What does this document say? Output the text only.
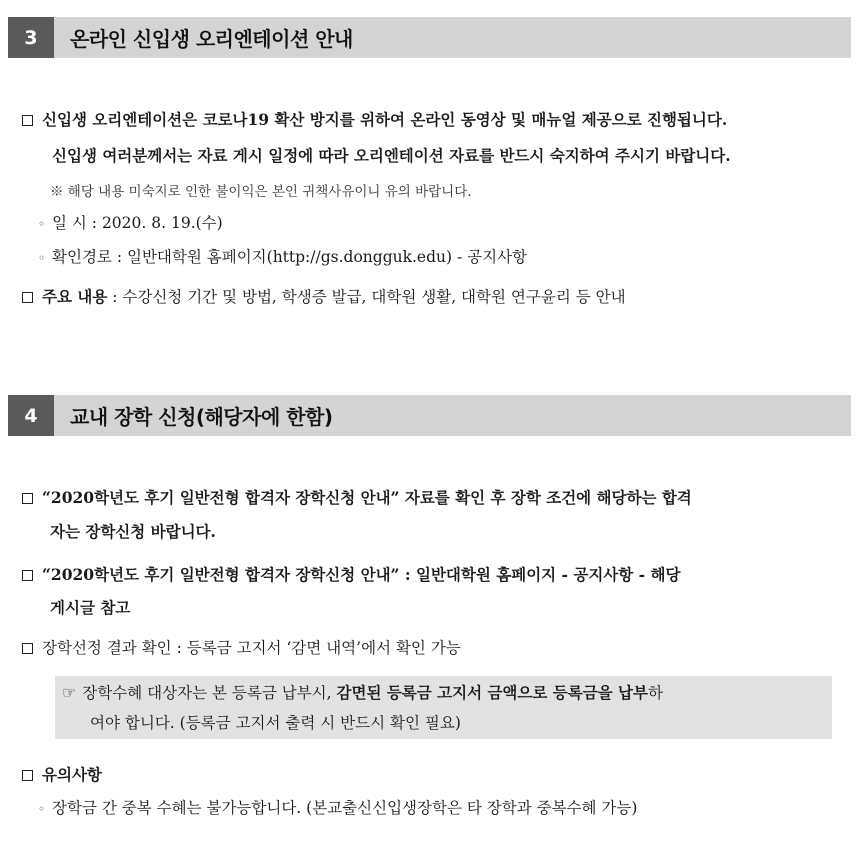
3	온라인 신입생 오리엔테이션 안내
신입생 오리엔테이션은 코로나19 확산 방지를 위하여 온라인 동영상 및 매뉴얼 제공으로 진행됩니다.
신입생 여러분께서는 자료 게시 일정에 따라 오리엔테이션 자료를 반드시 숙지하여 주시기 바랍니다.
※ 해당 내용 미숙지로 인한 불이익은 본인 귀책사유이니 유의 바랍니다.
◦ 일 시 : 2020. 8. 19.(수)
◦ 확인경로 : 일반대학원 홈페이지(http://gs.dongguk.edu) - 공지사항
주요 내용 : 수강신청 기간 및 방법, 학생증 발급, 대학원 생활, 대학원 연구윤리 등 안내
4	교내 장학 신청(해당자에 한함)
“2020학년도 후기 일반전형 합격자 장학신청 안내” 자료를 확인 후 장학 조건에 해당하는 합격
자는 장학신청 바랍니다.
“2020학년도 후기 일반전형 합격자 장학신청 안내” : 일반대학원 홈페이지 - 공지사항 - 해당
게시글 참고
장학선정 결과 확인 : 등록금 고지서 ‘감면 내역’에서 확인 가능
☞ 장학수혜 대상자는 본 등록금 납부시, 감면된 등록금 고지서 금액으로 등록금을 납부하
여야 합니다. (등록금 고지서 출력 시 반드시 확인 필요)
유의사항
◦ 장학금 간 중복 수혜는 불가능합니다. (본교출신신입생장학은 타 장학과 중복수혜 가능)
